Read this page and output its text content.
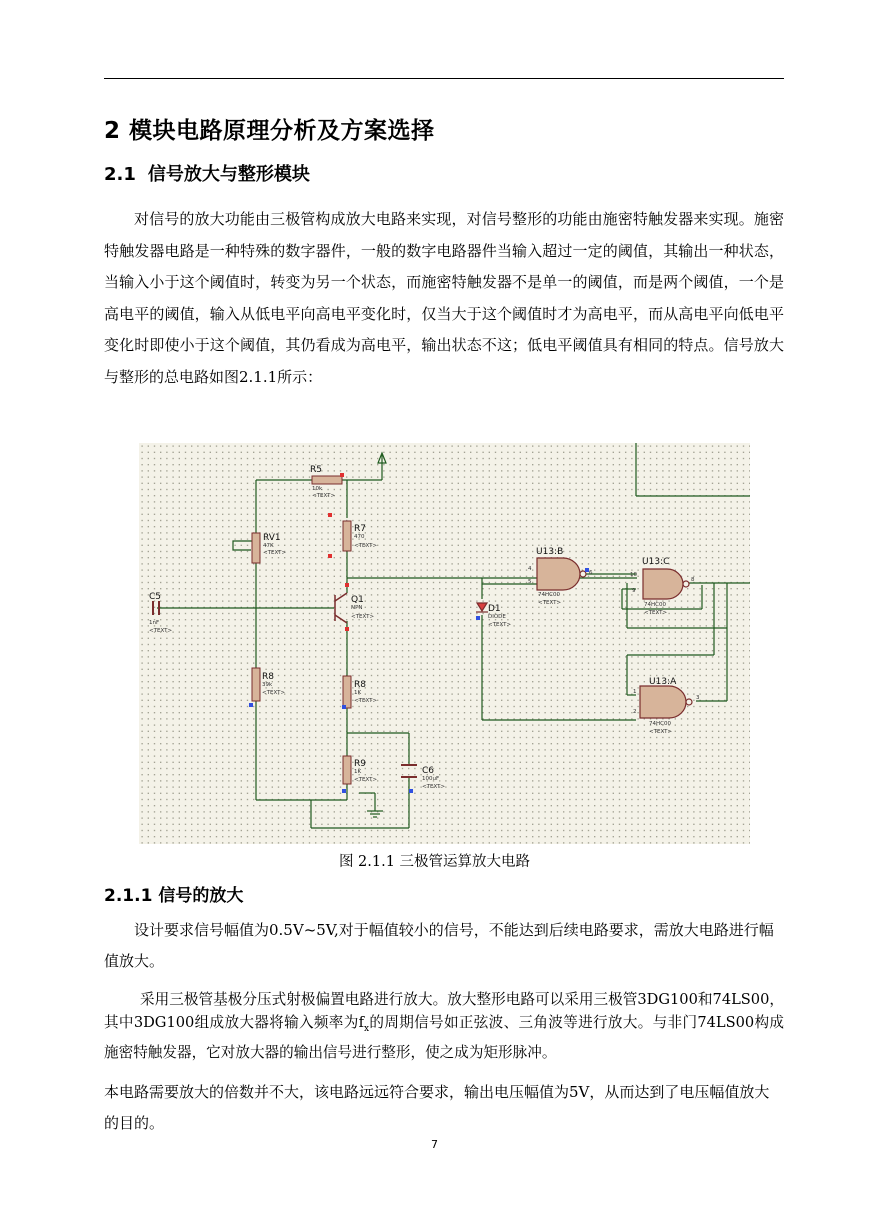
2 模块电路原理分析及方案选择
2.1 信号放大与整形模块
对信号的放大功能由三极管构成放大电路来实现，对信号整形的功能由施密特触发器来实现。施密特触发器电路是一种特殊的数字器件，一般的数字电路器件当输入超过一定的阈值，其输出一种状态，当输入小于这个阈值时，转变为另一个状态，而施密特触发器不是单一的阈值，而是两个阈值，一个是高电平的阈值，输入从低电平向高电平变化时，仅当大于这个阈值时才为高电平，而从高电平向低电平变化时即使小于这个阈值，其仍看成为高电平，输出状态不这；低电平阈值具有相同的特点。信号放大与整形的总电路如图2.1.1所示：
R5
RV1
R7
C5	Q1
R8
R8
R9
C6
D1
U13:B
U13:C
U13:A
10k
<TEXT>
47K
<TEXT>
470
<TEXT>
1nF
<TEXT>
NPN
<TEXT>
39k
<TEXT>	1K
<TEXT>
1K
<TEXT>	100uF
<TEXT>
DIODE
<TEXT>
74HC00
<TEXT>	74HC00
<TEXT>
74HC00
<TEXT>
4
5
6	10
9
8
1
2
3
图 2.1.1 三极管运算放大电路
2.1.1 信号的放大
设计要求信号幅值为0.5V~5V,对于幅值较小的信号，不能达到后续电路要求，需放大电路进行幅值放大。
采用三极管基极分压式射极偏置电路进行放大。放大整形电路可以采用三极管3DG100和74LS00，其中3DG100组成放大器将输入频率为$f_x$的周期信号如正弦波、三角波等进行放大。与非门74LS00构成施密特触发器，它对放大器的输出信号进行整形，使之成为矩形脉冲。
本电路需要放大的倍数并不大，该电路远远符合要求，输出电压幅值为5V，从而达到了电压幅值放大的目的。
7
